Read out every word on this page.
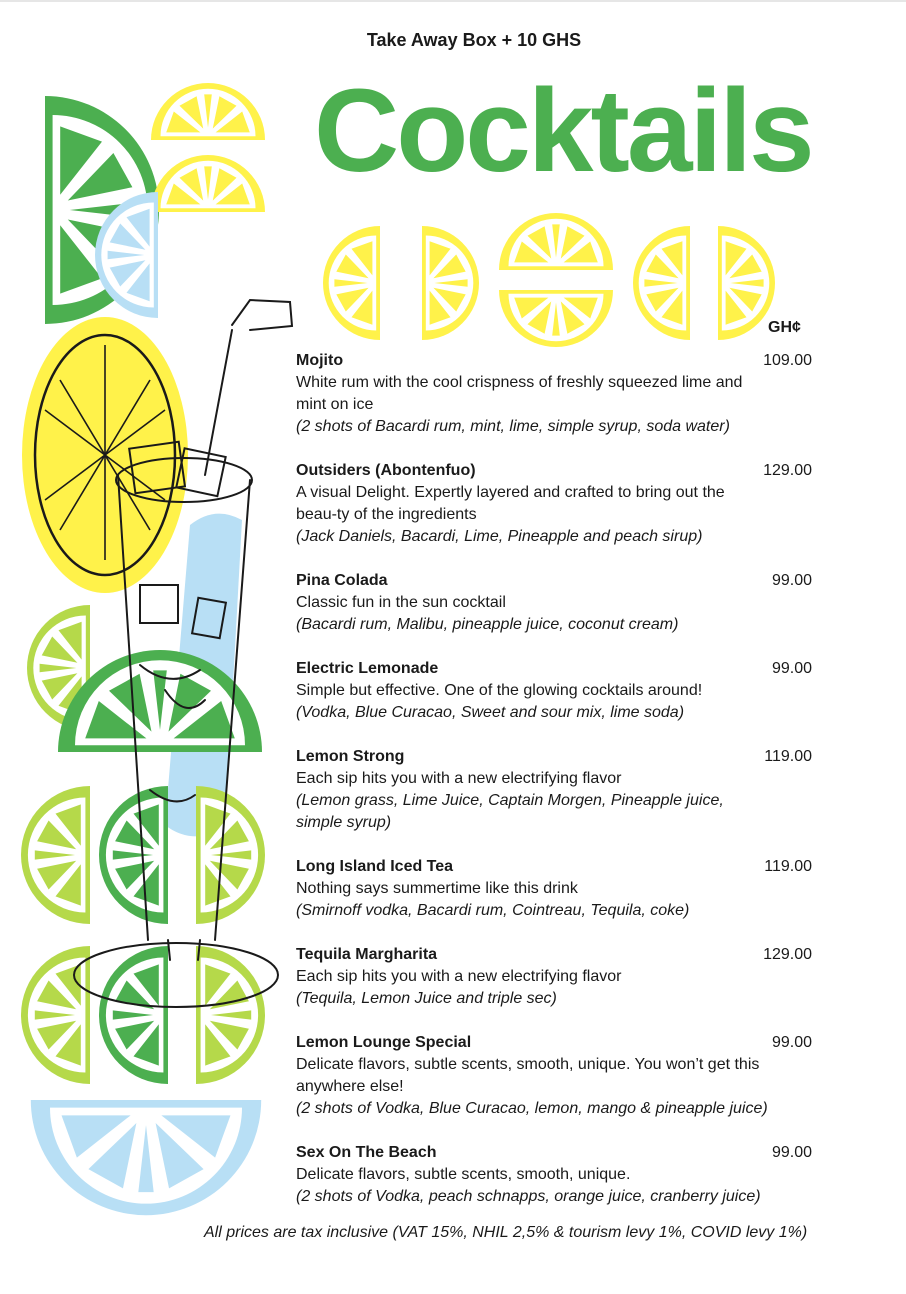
Take Away Box + 10 GHS
Cocktails
GH¢
Mojito	109.00
White rum with the cool crispness of freshly squeezed lime and mint on ice
(2 shots of Bacardi rum, mint, lime, simple syrup, soda water)
Outsiders (Abontenfuo)	129.00
A visual Delight. Expertly layered and crafted to bring out the beau-ty of the ingredients
(Jack Daniels, Bacardi, Lime, Pineapple and peach sirup)
Pina Colada	99.00
Classic fun in the sun cocktail
(Bacardi rum, Malibu, pineapple juice, coconut cream)
Electric Lemonade	99.00
Simple but effective. One of the glowing cocktails around!
(Vodka, Blue Curacao, Sweet and sour mix, lime soda)
Lemon Strong	119.00
Each sip hits you with a new electrifying flavor
(Lemon grass, Lime Juice, Captain Morgen, Pineapple juice, simple syrup)
Long Island Iced Tea	119.00
Nothing says summertime like this drink
(Smirnoff vodka, Bacardi rum, Cointreau, Tequila, coke)
Tequila Margharita	129.00
Each sip hits you with a new electrifying flavor
(Tequila, Lemon Juice and triple sec)
Lemon Lounge Special	99.00
Delicate flavors, subtle scents, smooth, unique. You won’t get this anywhere else!
(2 shots of Vodka, Blue Curacao, lemon, mango & pineapple juice)
Sex On The Beach	99.00
Delicate flavors, subtle scents, smooth, unique.
(2 shots of Vodka, peach schnapps, orange juice, cranberry juice)
All prices are tax inclusive (VAT 15%, NHIL 2,5% & tourism levy 1%, COVID levy 1%)
